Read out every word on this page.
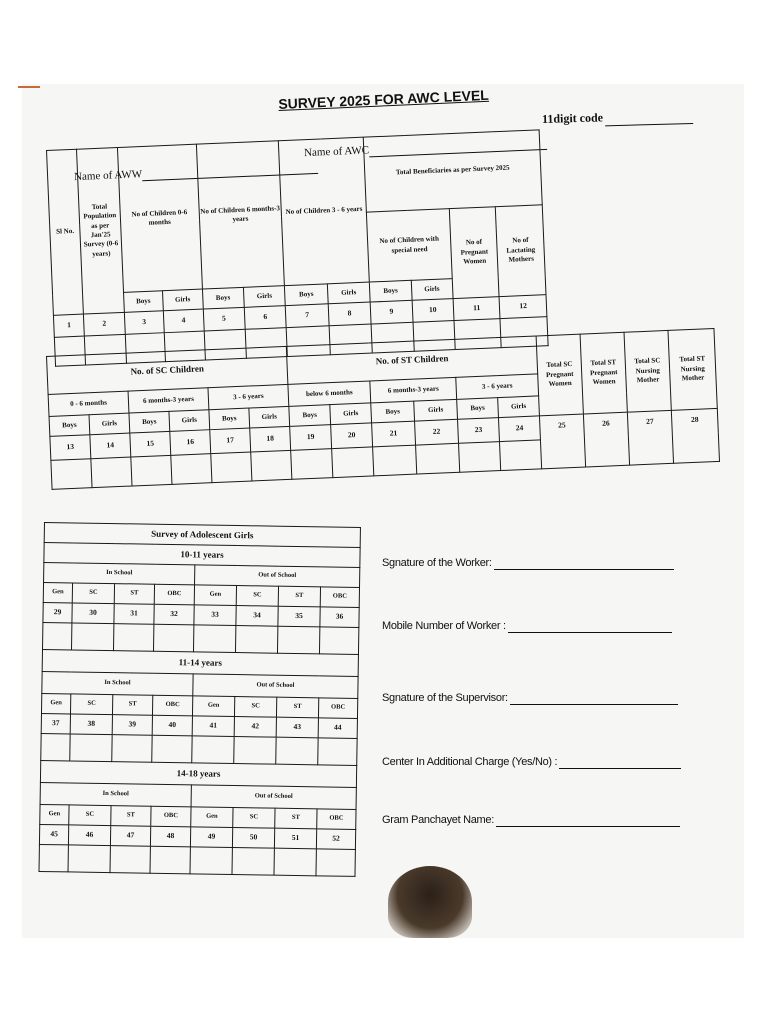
SURVEY 2025 FOR AWC LEVEL
11digit code
Name of AWW
Name of AWC
Sl No.	Total Population as per Jan'25 Survey (0-6 years)	No of Children 0-6 months		No of Children 6 months-3 years		No of Children 3 - 6 years		Total Beneficiaries as per Survey 2025			
								No of Children with special need		No of Pregnant Women	No of Lactating Mothers
		Boys	Girls	Boys	Girls	Boys	Girls	Boys	Girls		
1	2	3	4	5	6	7	8	9	10	11	12

No. of SC Children						No. of ST Children						Total SC Pregnant Women	Total ST Pregnant Women	Total SC Nursing Mother	Total ST Nursing Mother
0 - 6 months		6 months-3 years		3 - 6 years		below 6 months		6 months-3 years		3 - 6 years					
Boys	Girls	Boys	Girls	Boys	Girls	Boys	Girls	Boys	Girls	Boys	Girls				
13	14	15	16	17	18	19	20	21	22	23	24	25	26	27	28

Survey of Adolescent Girls							
10-11 years							
In School				Out of School			
Gen	SC	ST	OBC	Gen	SC	ST	OBC
29	30	31	32	33	34	35	36

11-14 years							
In School				Out of School			
Gen	SC	ST	OBC	Gen	SC	ST	OBC
37	38	39	40	41	42	43	44

14-18 years							
In School				Out of School			
Gen	SC	ST	OBC	Gen	SC	ST	OBC
45	46	47	48	49	50	51	52

Sgnature of the Worker:
Mobile Number of Worker :
Sgnature of the Supervisor:
Center In Additional Charge (Yes/No) :
Gram Panchayet Name:
